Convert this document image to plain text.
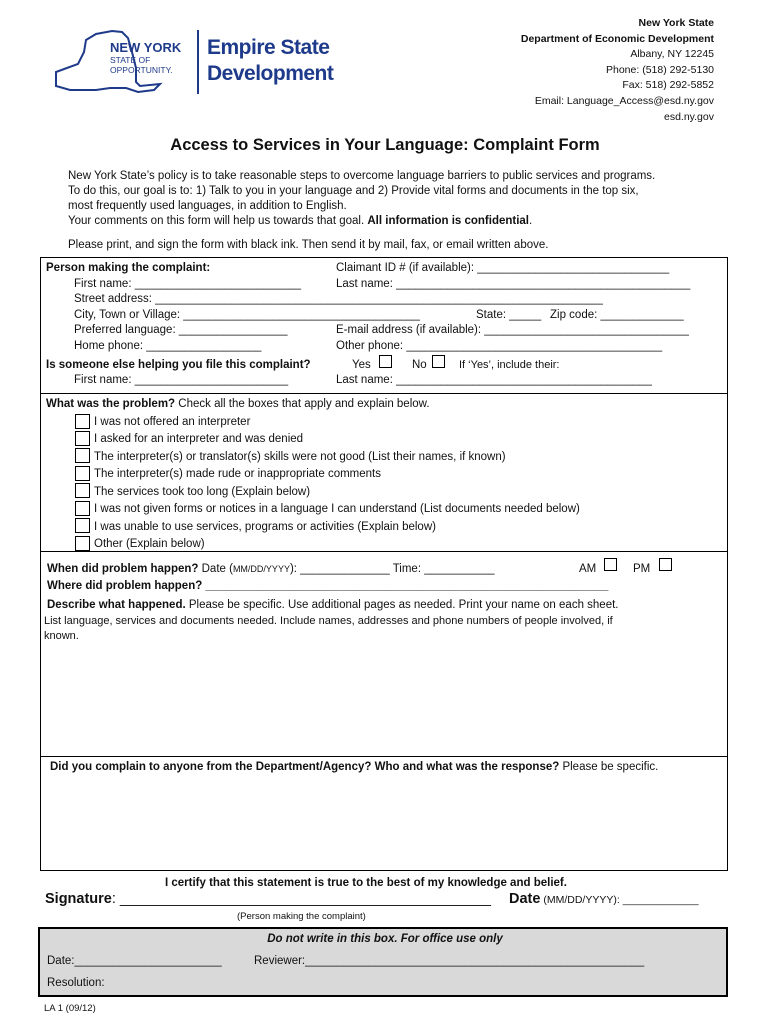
NEW YORK
STATE OF
OPPORTUNITY.
Empire State
Development
New York State
Department of Economic Development
Albany, NY 12245
Phone: (518) 292-5130
Fax: 518) 292-5852
Email: Language_Access@esd.ny.gov
esd.ny.gov
Access to Services in Your Language: Complaint Form
New York State’s policy is to take reasonable steps to overcome language barriers to public services and programs.
To do this, our goal is to: 1) Talk to you in your language and 2) Provide vital forms and documents in the top six,
most frequently used languages, in addition to English.
Your comments on this form will help us towards that goal. All information is confidential.
Please print, and sign the form with black ink. Then send it by mail, fax, or email written above.
Person making the complaint:	Claimant ID # (if available): ______________________________
First name: __________________________	Last name: ______________________________________________
Street address: ______________________________________________________________________
City, Town or Village: _____________________________________	State: _____ Zip code: _____________
Preferred language: _________________	E-mail address (if available): ________________________________
Home phone: __________________	Other phone: ________________________________________
Is someone else helping you file this complaint?	Yes	No	If ‘Yes’, include their:
First name: ________________________	Last name: ________________________________________
What was the problem? Check all the boxes that apply and explain below.
I was not offered an interpreter
I asked for an interpreter and was denied
The interpreter(s) or translator(s) skills were not good (List their names, if known)
The interpreter(s) made rude or inappropriate comments
The services took too long (Explain below)
I was not given forms or notices in a language I can understand (List documents needed below)
I was unable to use services, programs or activities (Explain below)
Other (Explain below)
When did problem happen? Date (MM/DD/YYYY): ______________ Time: ___________	AM	PM
Where did problem happen? _______________________________________________________________
Describe what happened. Please be specific. Use additional pages as needed. Print your name on each sheet.
List language, services and documents needed. Include names, addresses and phone numbers of people involved, if
known.
Did you complain to anyone from the Department/Agency? Who and what was the response? Please be specific.
I certify that this statement is true to the best of my knowledge and belief.
Signature: ______________________________________________ Date (MM/DD/YYYY): _____________
(Person making the complaint)
Do not write in this box. For office use only
Date:_______________________	Reviewer:_____________________________________________________
Resolution:
LA 1 (09/12)
